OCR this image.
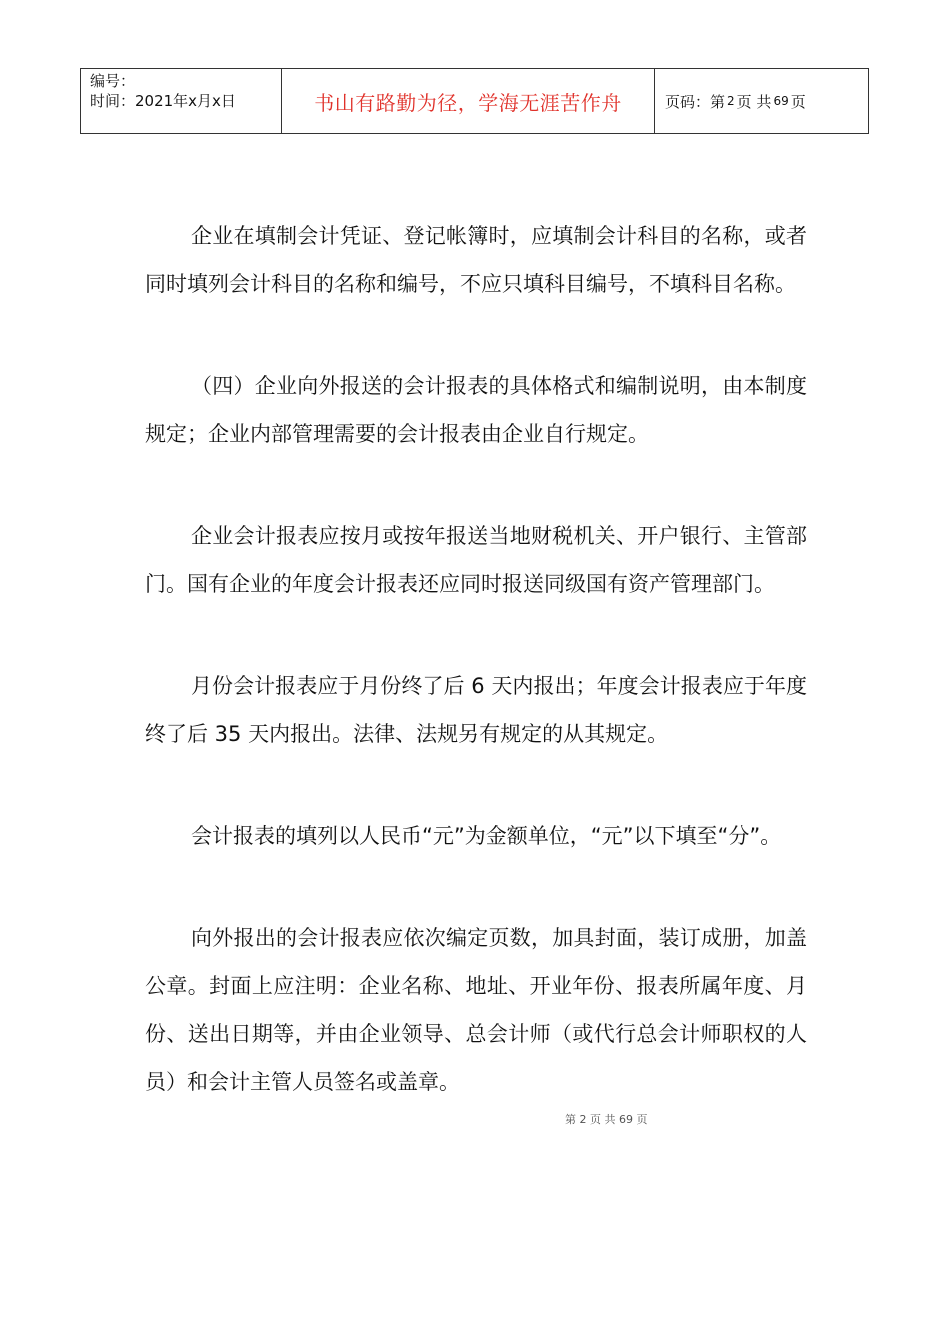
编号：
时间：2021年x月x日	书山有路勤为径，学海无涯苦作舟	页码：第 2 页 共 69 页

企业在填制会计凭证、登记帐簿时，应填制会计科目的名称，或者同时填列会计科目的名称和编号，不应只填科目编号，不填科目名称。

（四）企业向外报送的会计报表的具体格式和编制说明，由本制度规定；企业内部管理需要的会计报表由企业自行规定。

企业会计报表应按月或按年报送当地财税机关、开户银行、主管部门。国有企业的年度会计报表还应同时报送同级国有资产管理部门。

月份会计报表应于月份终了后 6 天内报出；年度会计报表应于年度终了后 35 天内报出。法律、法规另有规定的从其规定。

会计报表的填列以人民币“元”为金额单位，“元”以下填至“分”。

向外报出的会计报表应依次编定页数，加具封面，装订成册，加盖公章。封面上应注明：企业名称、地址、开业年份、报表所属年度、月份、送出日期等，并由企业领导、总会计师（或代行总会计师职权的人员）和会计主管人员签名或盖章。

第 2 页 共 69 页
